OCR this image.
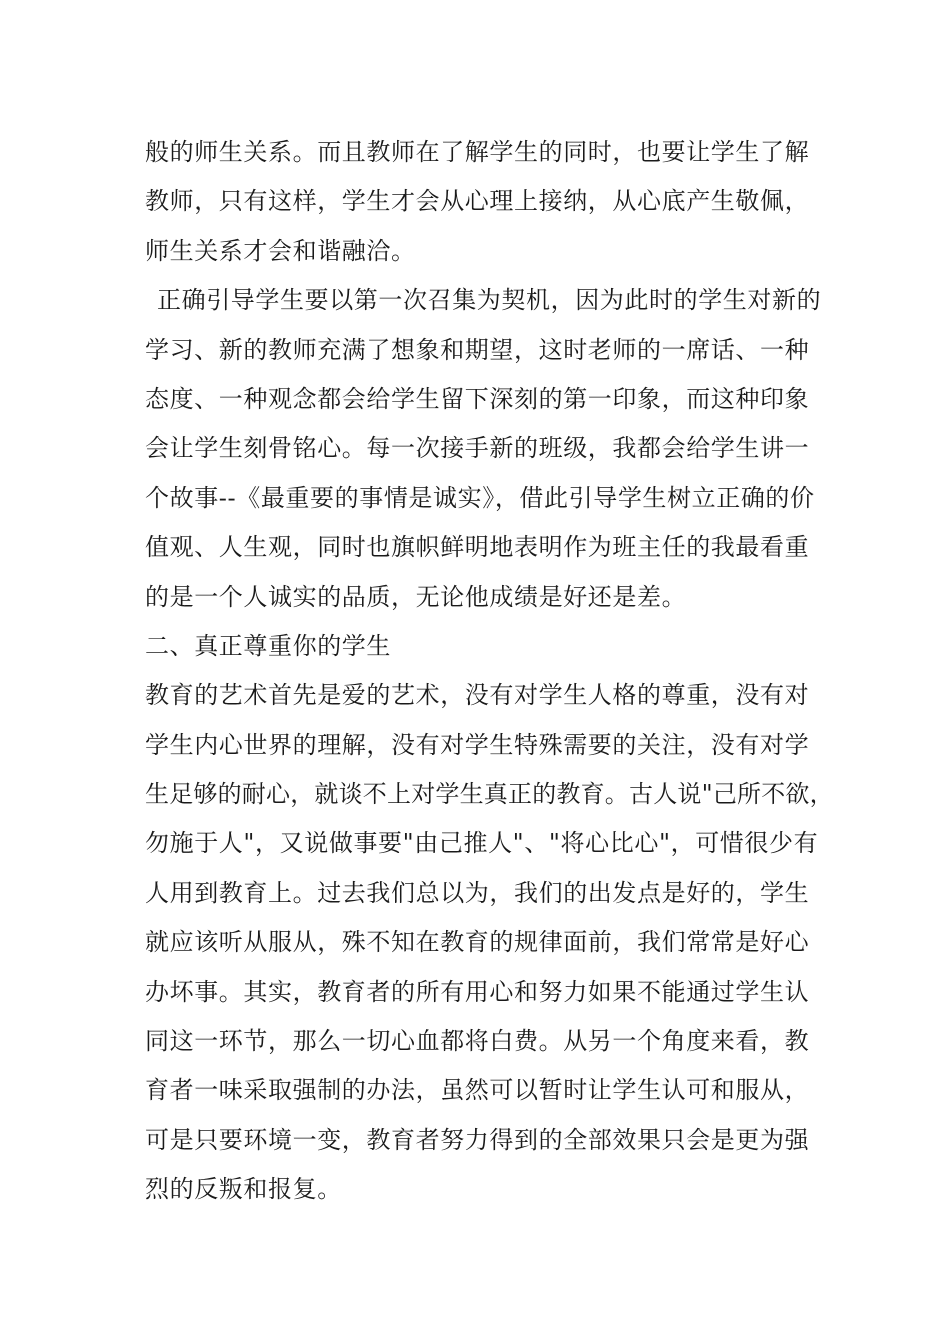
般的师生关系。而且教师在了解学生的同时，也要让学生了解
教师，只有这样，学生才会从心理上接纳，从心底产生敬佩，
师生关系才会和谐融洽。
正确引导学生要以第一次召集为契机，因为此时的学生对新的
学习、新的教师充满了想象和期望，这时老师的一席话、一种
态度、一种观念都会给学生留下深刻的第一印象，而这种印象
会让学生刻骨铭心。每一次接手新的班级，我都会给学生讲一
个故事--《最重要的事情是诚实》，借此引导学生树立正确的价
值观、人生观，同时也旗帜鲜明地表明作为班主任的我最看重
的是一个人诚实的品质，无论他成绩是好还是差。
二、真正尊重你的学生
教育的艺术首先是爱的艺术，没有对学生人格的尊重，没有对
学生内心世界的理解，没有对学生特殊需要的关注，没有对学
生足够的耐心，就谈不上对学生真正的教育。古人说"己所不欲，
勿施于人"，又说做事要"由己推人"、"将心比心"，可惜很少有
人用到教育上。过去我们总以为，我们的出发点是好的，学生
就应该听从服从，殊不知在教育的规律面前，我们常常是好心
办坏事。其实，教育者的所有用心和努力如果不能通过学生认
同这一环节，那么一切心血都将白费。从另一个角度来看，教
育者一味采取强制的办法，虽然可以暂时让学生认可和服从，
可是只要环境一变，教育者努力得到的全部效果只会是更为强
烈的反叛和报复。
